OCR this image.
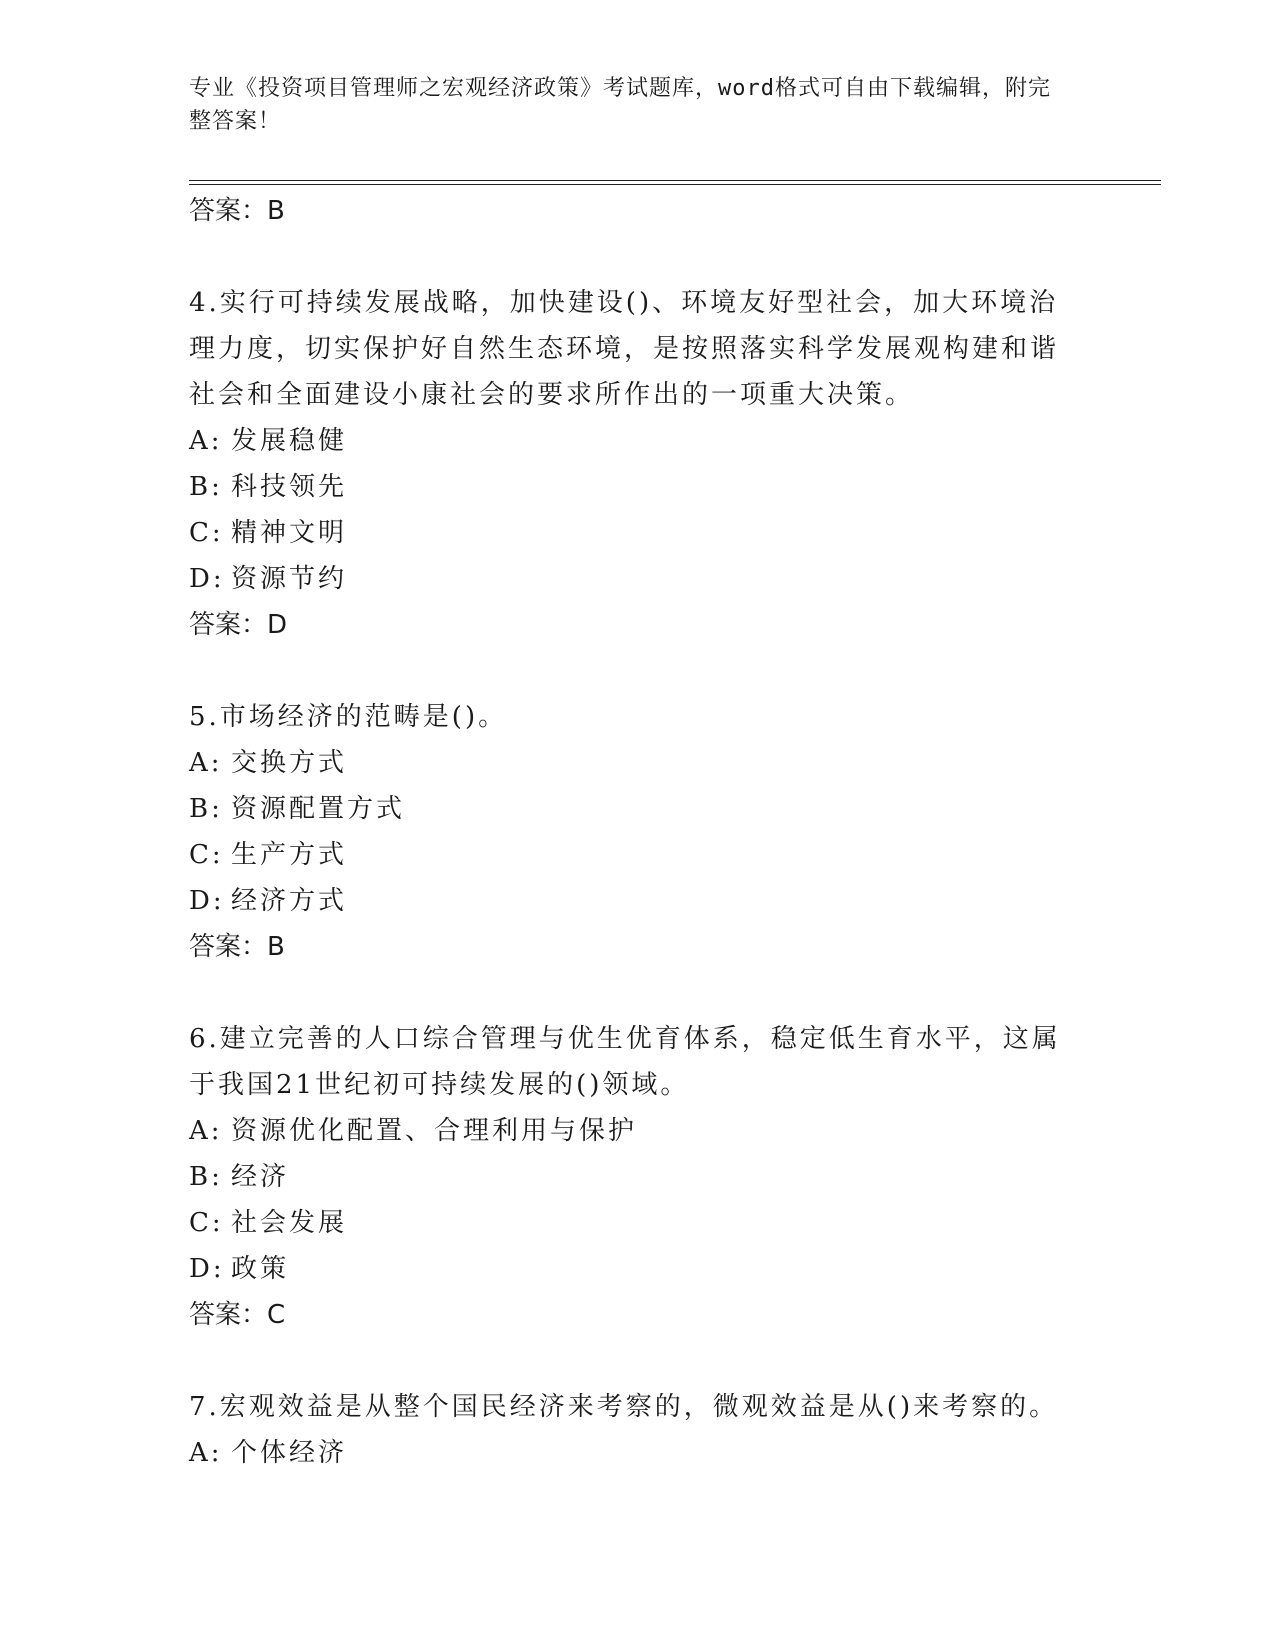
专业《投资项目管理师之宏观经济政策》考试题库，word格式可自由下载编辑，附完整答案！
答案：B
4.实行可持续发展战略，加快建设()、环境友好型社会，加大环境治理力度，切实保护好自然生态环境，是按照落实科学发展观构建和谐社会和全面建设小康社会的要求所作出的一项重大决策。
A: 发展稳健
B: 科技领先
C: 精神文明
D: 资源节约
答案：D
5.市场经济的范畴是()。
A: 交换方式
B: 资源配置方式
C: 生产方式
D: 经济方式
答案：B
6.建立完善的人口综合管理与优生优育体系，稳定低生育水平，这属于我国21世纪初可持续发展的()领域。
A: 资源优化配置、合理利用与保护
B: 经济
C: 社会发展
D: 政策
答案：C
7.宏观效益是从整个国民经济来考察的，微观效益是从()来考察的。
A: 个体经济
